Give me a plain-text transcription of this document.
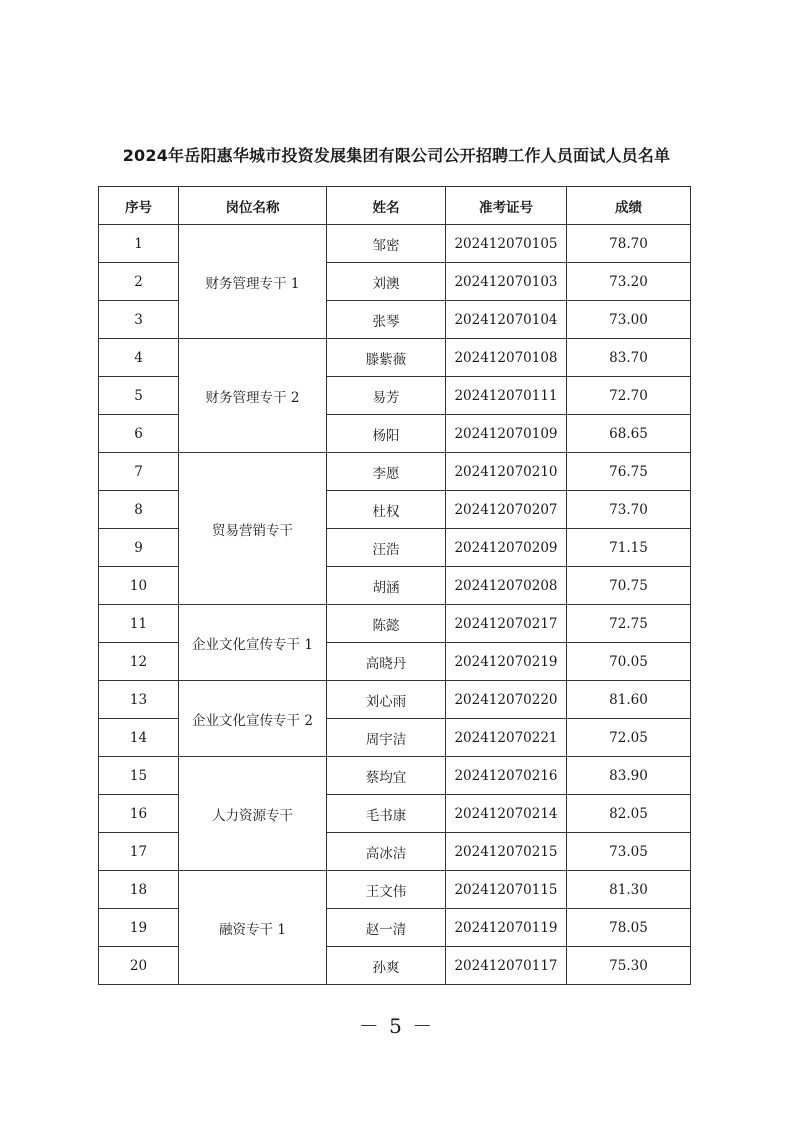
2024年岳阳惠华城市投资发展集团有限公司公开招聘工作人员面试人员名单
序号	岗位名称	姓名	准考证号	成绩
1	财务管理专干 1	邹密	202412070105	78.70
2		刘澳	202412070103	73.20
3		张琴	202412070104	73.00
4	财务管理专干 2	滕紫薇	202412070108	83.70
5		易芳	202412070111	72.70
6		杨阳	202412070109	68.65
7	贸易营销专干	李愿	202412070210	76.75
8		杜权	202412070207	73.70
9		汪浩	202412070209	71.15
10		胡涵	202412070208	70.75
11	企业文化宣传专干 1	陈懿	202412070217	72.75
12		高晓丹	202412070219	70.05
13	企业文化宣传专干 2	刘心雨	202412070220	81.60
14		周宇洁	202412070221	72.05
15	人力资源专干	蔡均宜	202412070216	83.90
16		毛书康	202412070214	82.05
17		高冰洁	202412070215	73.05
18	融资专干 1	王文伟	202412070115	81.30
19		赵一清	202412070119	78.05
20		孙爽	202412070117	75.30
－ 5 －
